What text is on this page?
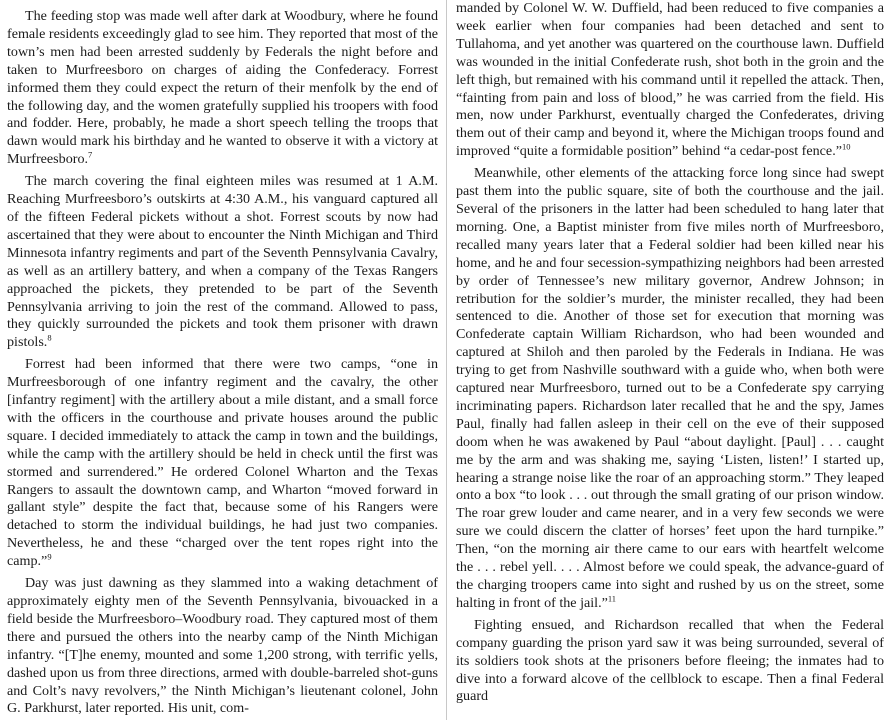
The feeding stop was made well after dark at Woodbury, where he found female residents exceedingly glad to see him. They reported that most of the town’s men had been arrested suddenly by Federals the night before and taken to Murfreesboro on charges of aiding the Confederacy. Forrest informed them they could expect the return of their menfolk by the end of the following day, and the women gratefully supplied his troopers with food and fodder. Here, probably, he made a short speech telling the troops that dawn would mark his birthday and he wanted to observe it with a victory at Murfreesboro.$^7$

The march covering the final eighteen miles was resumed at 1 A.M. Reaching Murfreesboro’s outskirts at 4:30 A.M., his vanguard captured all of the fifteen Federal pickets without a shot. Forrest scouts by now had ascertained that they were about to encounter the Ninth Michigan and Third Minnesota infantry regiments and part of the Seventh Pennsylvania Cavalry, as well as an artillery battery, and when a company of the Texas Rangers approached the pickets, they pretended to be part of the Seventh Pennsylvania arriving to join the rest of the command. Allowed to pass, they quickly surrounded the pickets and took them prisoner with drawn pistols.$^8$

Forrest had been informed that there were two camps, “one in Murfreesborough of one infantry regiment and the cavalry, the other [infantry regiment] with the artillery about a mile distant, and a small force with the officers in the courthouse and private houses around the public square. I decided immediately to attack the camp in town and the buildings, while the camp with the artillery should be held in check until the first was stormed and surrendered.” He ordered Colonel Wharton and the Texas Rangers to assault the downtown camp, and Wharton “moved forward in gallant style” despite the fact that, because some of his Rangers were detached to storm the individual buildings, he had just two companies. Nevertheless, he and these “charged over the tent ropes right into the camp.”$^9$

Day was just dawning as they slammed into a waking detachment of approximately eighty men of the Seventh Pennsylvania, bivouacked in a field beside the Murfreesboro–Woodbury road. They captured most of them there and pursued the others into the nearby camp of the Ninth Michigan infantry. “[T]he enemy, mounted and some 1,200 strong, with terrific yells, dashed upon us from three directions, armed with double-barreled shot-guns and Colt’s navy revolvers,” the Ninth Michigan’s lieutenant colonel, John G. Parkhurst, later reported. His unit, com-

manded by Colonel W. W. Duffield, had been reduced to five companies a week earlier when four companies had been detached and sent to Tullahoma, and yet another was quartered on the courthouse lawn. Duffield was wounded in the initial Confederate rush, shot both in the groin and the left thigh, but remained with his command until it repelled the attack. Then, “fainting from pain and loss of blood,” he was carried from the field. His men, now under Parkhurst, eventually charged the Confederates, driving them out of their camp and beyond it, where the Michigan troops found and improved “quite a formidable position” behind “a cedar-post fence.”$^{10}$

Meanwhile, other elements of the attacking force long since had swept past them into the public square, site of both the courthouse and the jail. Several of the prisoners in the latter had been scheduled to hang later that morning. One, a Baptist minister from five miles north of Murfreesboro, recalled many years later that a Federal soldier had been killed near his home, and he and four secession-sympathizing neighbors had been arrested by order of Tennessee’s new military governor, Andrew Johnson; in retribution for the soldier’s murder, the minister recalled, they had been sentenced to die. Another of those set for execution that morning was Confederate captain William Richardson, who had been wounded and captured at Shiloh and then paroled by the Federals in Indiana. He was trying to get from Nashville southward with a guide who, when both were captured near Murfreesboro, turned out to be a Confederate spy carrying incriminating papers. Richardson later recalled that he and the spy, James Paul, finally had fallen asleep in their cell on the eve of their supposed doom when he was awakened by Paul “about daylight. [Paul] . . . caught me by the arm and was shaking me, saying ‘Listen, listen!’ I started up, hearing a strange noise like the roar of an approaching storm.” They leaped onto a box “to look . . . out through the small grating of our prison window. The roar grew louder and came nearer, and in a very few seconds we were sure we could discern the clatter of horses’ feet upon the hard turnpike.” Then, “on the morning air there came to our ears with heartfelt welcome the . . . rebel yell. . . . Almost before we could speak, the advance-guard of the charging troopers came into sight and rushed by us on the street, some halting in front of the jail.”$^{11}$

Fighting ensued, and Richardson recalled that when the Federal company guarding the prison yard saw it was being surrounded, several of its soldiers took shots at the prisoners before fleeing; the inmates had to dive into a forward alcove of the cellblock to escape. Then a final Federal guard
